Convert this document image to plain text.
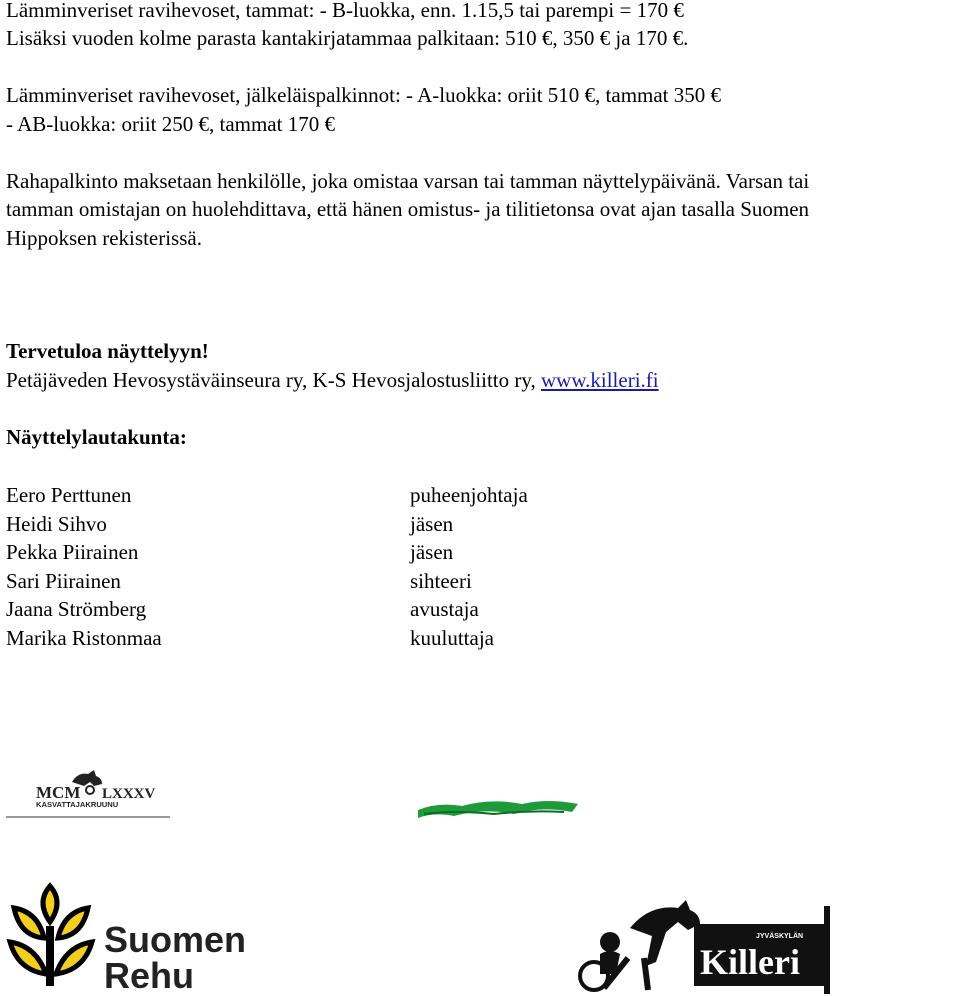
Lämminveriset ravihevoset, tammat: - B-luokka, enn. 1.15,5 tai parempi = 170 €
Lisäksi vuoden kolme parasta kantakirjatammaa palkitaan: 510 €, 350 € ja 170 €.
Lämminveriset ravihevoset, jälkeläispalkinnot: - A-luokka: oriit 510 €, tammat 350 €
- AB-luokka: oriit 250 €, tammat 170 €
Rahapalkinto maksetaan henkilölle, joka omistaa varsan tai tamman näyttelypäivänä. Varsan tai
tamman omistajan on huolehdittava, että hänen omistus- ja tilitietonsa ovat ajan tasalla Suomen
Hippoksen rekisterissä.
Tervetuloa näyttelyyn!
Petäjäveden Hevosystäväinseura ry, K-S Hevosjalostusliitto ry, www.killeri.fi
Näyttelylautakunta:
Eero Perttunen	puheenjohtaja
Heidi Sihvo	jäsen
Pekka Piirainen	jäsen
Sari Piirainen	sihteeri
Jaana Strömberg	avustaja
Marika Ristonmaa	kuuluttaja
MCM LXXXV
KASVATTAJAKRUUNU
Suomen
Rehu
JYVÄSKYLÄN
Killeri
